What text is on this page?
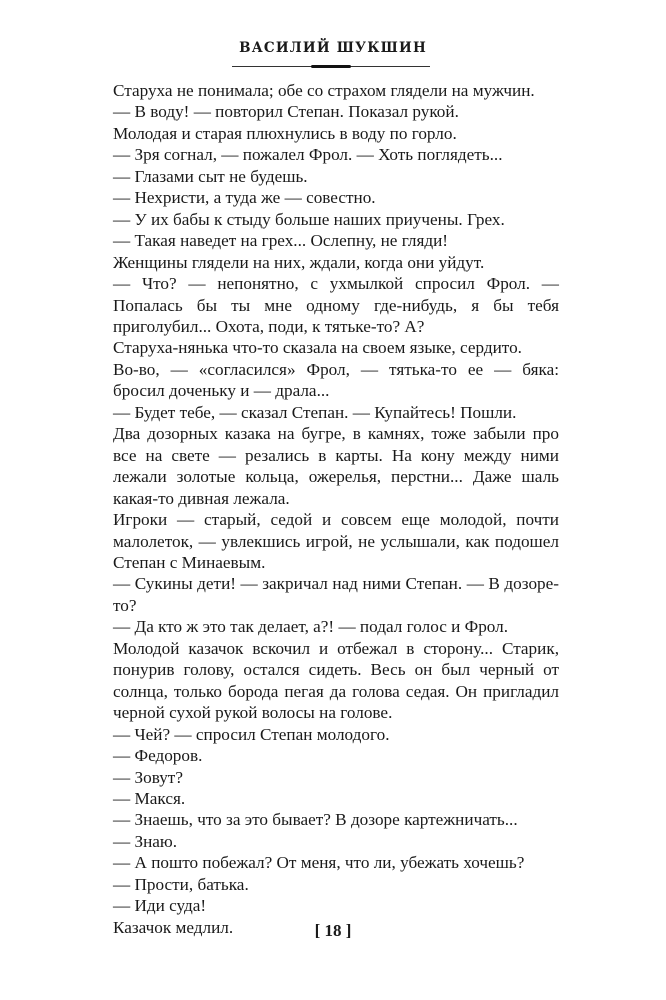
ВАСИЛИЙ ШУКШИН

Старуха не понимала; обе со страхом глядели на мужчин.

— В воду! — повторил Степан. Показал рукой.

Молодая и старая плюхнулись в воду по горло.

— Зря согнал, — пожалел Фрол. — Хоть поглядеть...

— Глазами сыт не будешь.

— Нехристи, а туда же — совестно.

— У их бабы к стыду больше наших приучены. Грех.

— Такая наведет на грех... Ослепну, не гляди!

Женщины глядели на них, ждали, когда они уйдут.

— Что? — непонятно, с ухмылкой спросил Фрол. — Попалась бы ты мне одному где-нибудь, я бы тебя приголубил... Охота, поди, к тятьке-то? А?

Старуха-нянька что-то сказала на своем языке, сердито.

Во-во, — «согласился» Фрол, — тятька-то ее — бяка: бросил доченьку и — драла...

— Будет тебе, — сказал Степан. — Купайтесь! Пошли.

Два дозорных казака на бугре, в камнях, тоже забыли про все на свете — резались в карты. На кону между ними лежали золотые кольца, ожерелья, перстни... Даже шаль какая-то дивная лежала.

Игроки — старый, седой и совсем еще молодой, почти малолеток, — увлекшись игрой, не услышали, как подошел Степан с Минаевым.

— Сукины дети! — закричал над ними Степан. — В дозоре-то?

— Да кто ж это так делает, а?! — подал голос и Фрол.

Молодой казачок вскочил и отбежал в сторону... Старик, понурив голову, остался сидеть. Весь он был черный от солнца, только борода пегая да голова седая. Он пригладил черной сухой рукой волосы на голове.

— Чей? — спросил Степан молодого.

— Федоров.

— Зовут?

— Макся.

— Знаешь, что за это бывает? В дозоре картежничать...

— Знаю.

— А пошто побежал? От меня, что ли, убежать хочешь?

— Прости, батька.

— Иди суда!

Казачок медлил.	[ 18 ]
